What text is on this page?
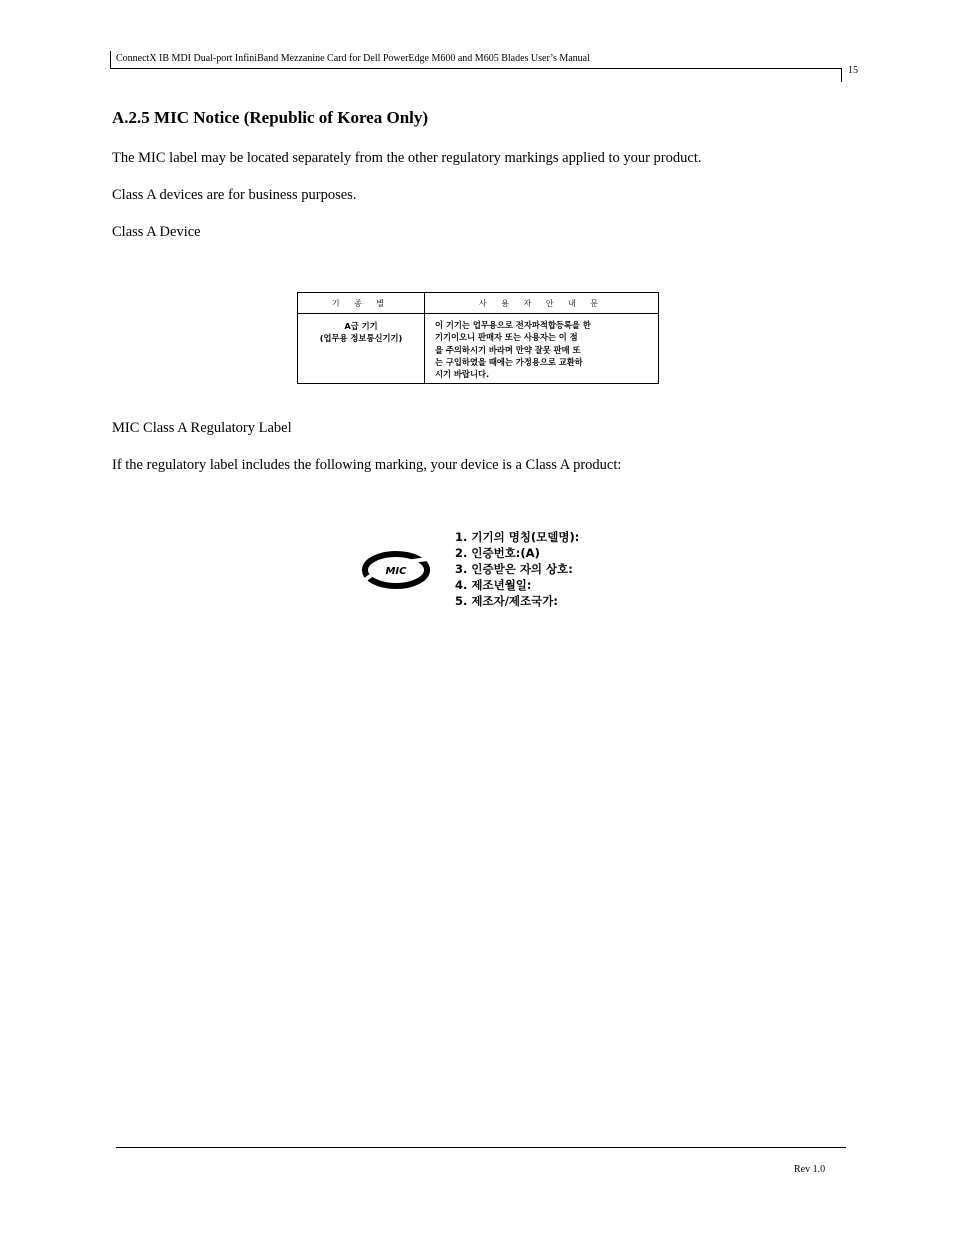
ConnectX IB MDI Dual-port InfiniBand Mezzanine Card for Dell PowerEdge M600 and M605 Blades User’s Manual
15
A.2.5 MIC Notice (Republic of Korea Only)

The MIC label may be located separately from the other regulatory markings applied to your product.

Class A devices are for business purposes.

Class A Device

기 종 별	사 용 자 안 내 문

A급 기기
(업무용 정보통신기기)	이 기기는 업무용으로 전자파적합등록을 한
기기이오니 판매자 또는 사용자는 이 점
을 주의하시기 바라며 만약 잘못 판매 또
는 구입하였을 때에는 가정용으로 교환하
시기 바랍니다.

MIC Class A Regulatory Label

If the regulatory label includes the following marking, your device is a Class A product:

MIC
1. 기기의 명칭(모델명):
2. 인증번호:(A)
3. 인증받은 자의 상호:
4. 제조년월일:
5. 제조자/제조국가:
Rev 1.0
